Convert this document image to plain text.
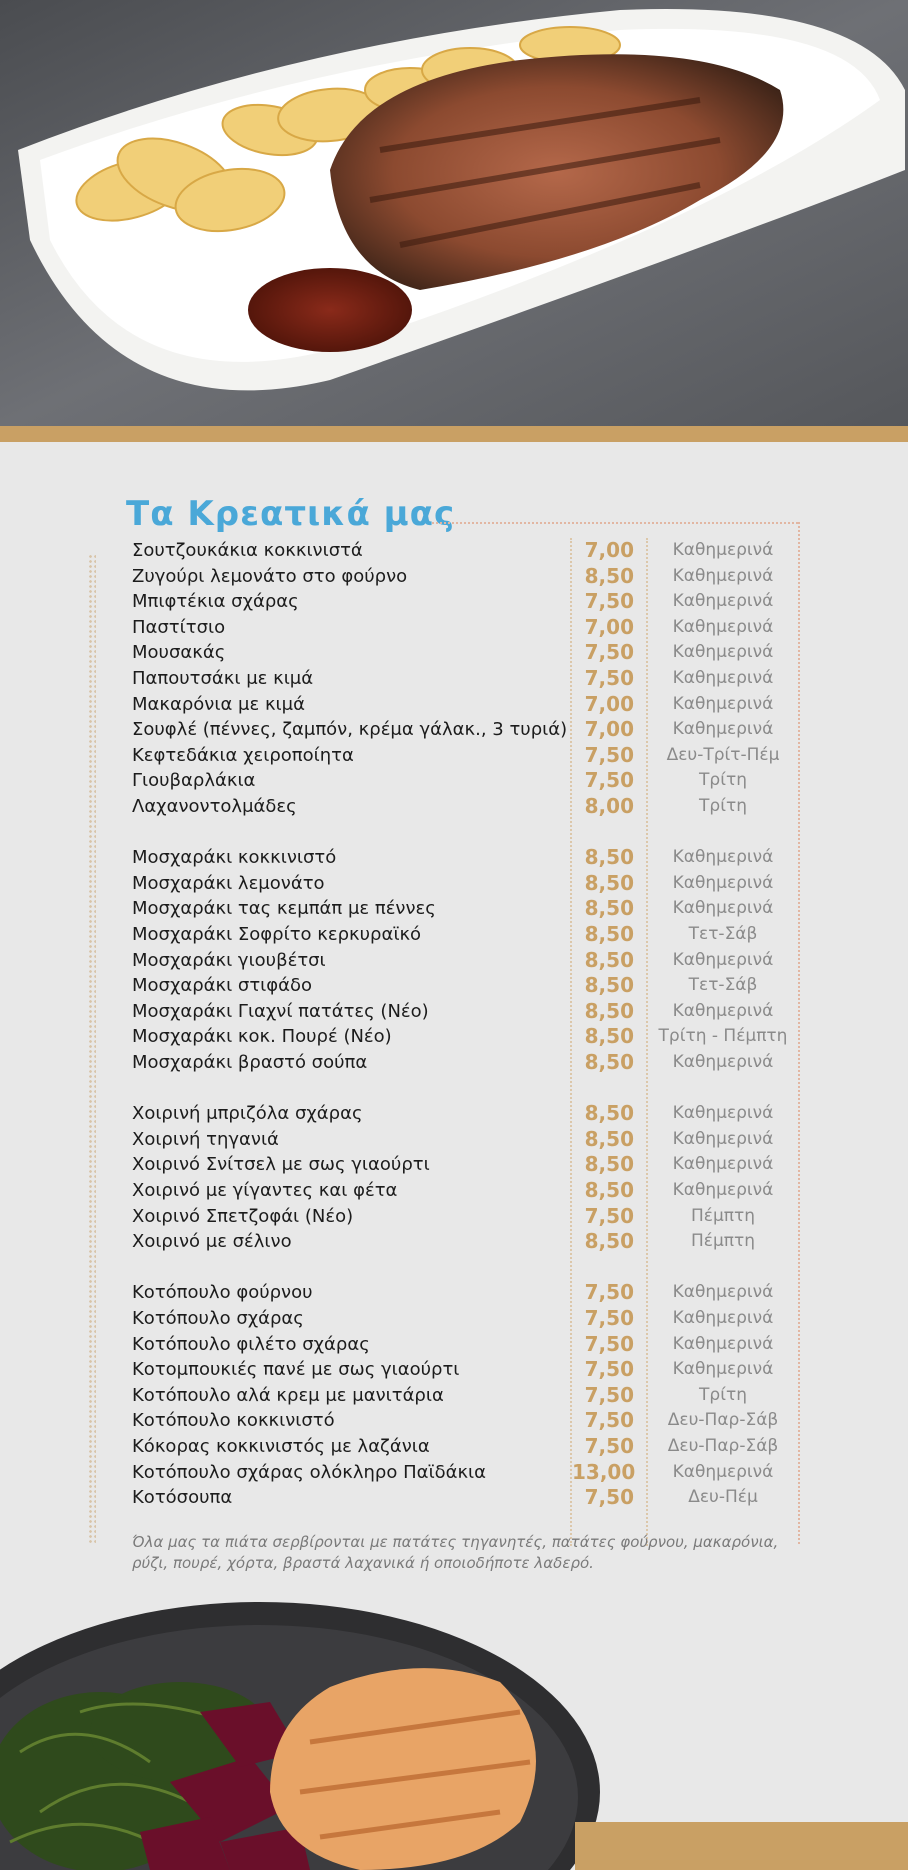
Τα Κρεατικά μας
Σουτζουκάκια κοκκινιστά	7,00	Καθημερινά
Ζυγούρι λεμονάτο στο φούρνο	8,50	Καθημερινά
Μπιφτέκια σχάρας	7,50	Καθημερινά
Παστίτσιο	7,00	Καθημερινά
Μουσακάς	7,50	Καθημερινά
Παπουτσάκι με κιμά	7,50	Καθημερινά
Μακαρόνια με κιμά	7,00	Καθημερινά
Σουφλέ (πέννες, ζαμπόν, κρέμα γάλακ., 3 τυριά) 7,00	Καθημερινά
Κεφτεδάκια χειροποίητα	7,50	Δευ-Τρίτ-Πέμ
Γιουβαρλάκια	7,50	Τρίτη
Λαχανοντολμάδες	8,00	Τρίτη
Μοσχαράκι κοκκινιστό	8,50	Καθημερινά
Μοσχαράκι λεμονάτο	8,50	Καθημερινά
Μοσχαράκι τας κεμπάπ με πέννες	8,50	Καθημερινά
Μοσχαράκι Σοφρίτο κερκυραϊκό	8,50	Τετ-Σάβ
Μοσχαράκι γιουβέτσι	8,50	Καθημερινά
Μοσχαράκι στιφάδο	8,50	Τετ-Σάβ
Μοσχαράκι Γιαχνί πατάτες (Νέο)	8,50	Καθημερινά
Μοσχαράκι κοκ. Πουρέ (Νέο)	8,50	Τρίτη - Πέμπτη
Μοσχαράκι βραστό σούπα	8,50	Καθημερινά
Χοιρινή μπριζόλα σχάρας	8,50	Καθημερινά
Χοιρινή τηγανιά	8,50	Καθημερινά
Χοιρινό Σνίτσελ με σως γιαούρτι	8,50	Καθημερινά
Χοιρινό με γίγαντες και φέτα	8,50	Καθημερινά
Χοιρινό Σπετζοφάι (Νέο)	7,50	Πέμπτη
Χοιρινό με σέλινο	8,50	Πέμπτη
Κοτόπουλο φούρνου	7,50	Καθημερινά
Κοτόπουλο σχάρας	7,50	Καθημερινά
Κοτόπουλο φιλέτο σχάρας	7,50	Καθημερινά
Κοτομπουκιές πανέ με σως γιαούρτι	7,50	Καθημερινά
Κοτόπουλο αλά κρεμ με μανιτάρια	7,50	Τρίτη
Κοτόπουλο κοκκινιστό	7,50	Δευ-Παρ-Σάβ
Κόκορας κοκκινιστός με λαζάνια	7,50	Δευ-Παρ-Σάβ
Κοτόπουλο σχάρας ολόκληρο Παϊδάκια	13,00	Καθημερινά
Κοτόσουπα	7,50	Δευ-Πέμ
Όλα μας τα πιάτα σερβίρονται με πατάτες τηγανητές, πατάτες φούρνου, μακαρόνια, ρύζι, πουρέ, χόρτα, βραστά λαχανικά ή οποιοδήποτε λαδερό.
